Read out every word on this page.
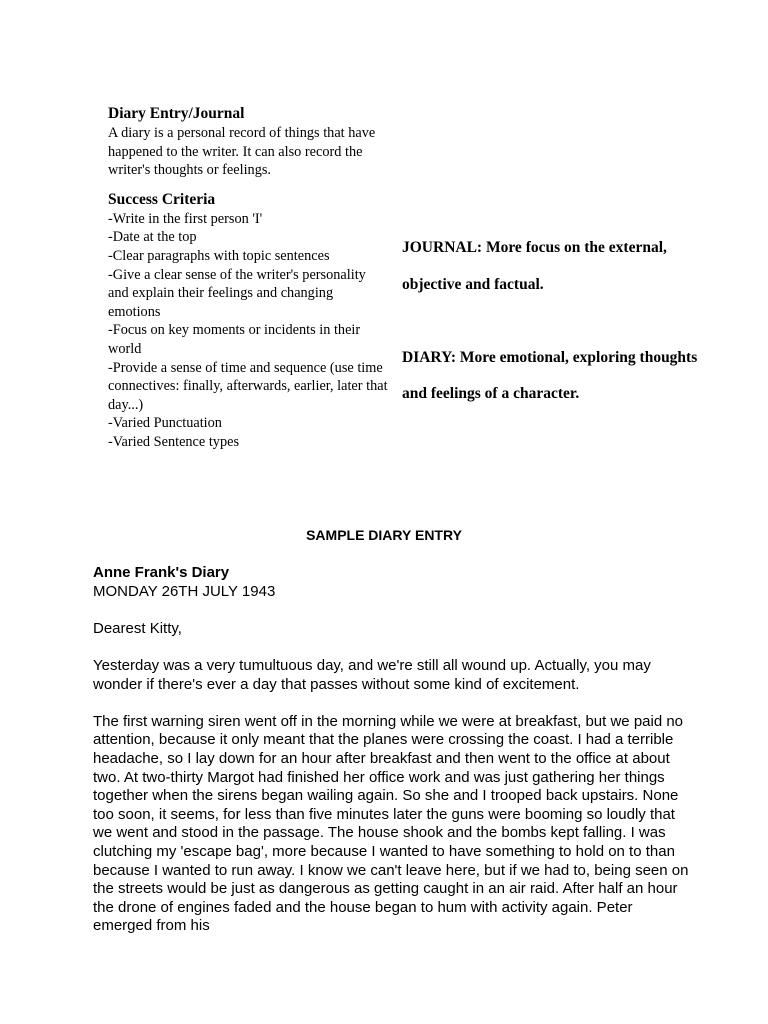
Diary Entry/Journal
A diary is a personal record of things that have happened to the writer. It can also record the writer's thoughts or feelings.
Success Criteria
-Write in the first person 'I'
-Date at the top
-Clear paragraphs with topic sentences
-Give a clear sense of the writer's personality and explain their feelings and changing emotions
-Focus on key moments or incidents in their world
-Provide a sense of time and sequence (use time connectives: finally, afterwards, earlier, later that day...)
-Varied Punctuation
-Varied Sentence types
JOURNAL: More focus on the external, objective and factual.
DIARY: More emotional, exploring thoughts and feelings of a character.
SAMPLE DIARY ENTRY
Anne Frank's Diary
MONDAY 26TH JULY 1943
Dearest Kitty,
Yesterday was a very tumultuous day, and we're still all wound up. Actually, you may wonder if there's ever a day that passes without some kind of excitement.
The first warning siren went off in the morning while we were at breakfast, but we paid no attention, because it only meant that the planes were crossing the coast. I had a terrible headache, so I lay down for an hour after breakfast and then went to the office at about two. At two-thirty Margot had finished her office work and was just gathering her things together when the sirens began wailing again. So she and I trooped back upstairs. None too soon, it seems, for less than five minutes later the guns were booming so loudly that we went and stood in the passage. The house shook and the bombs kept falling. I was clutching my 'escape bag', more because I wanted to have something to hold on to than because I wanted to run away. I know we can't leave here, but if we had to, being seen on the streets would be just as dangerous as getting caught in an air raid. After half an hour the drone of engines faded and the house began to hum with activity again. Peter emerged from his
